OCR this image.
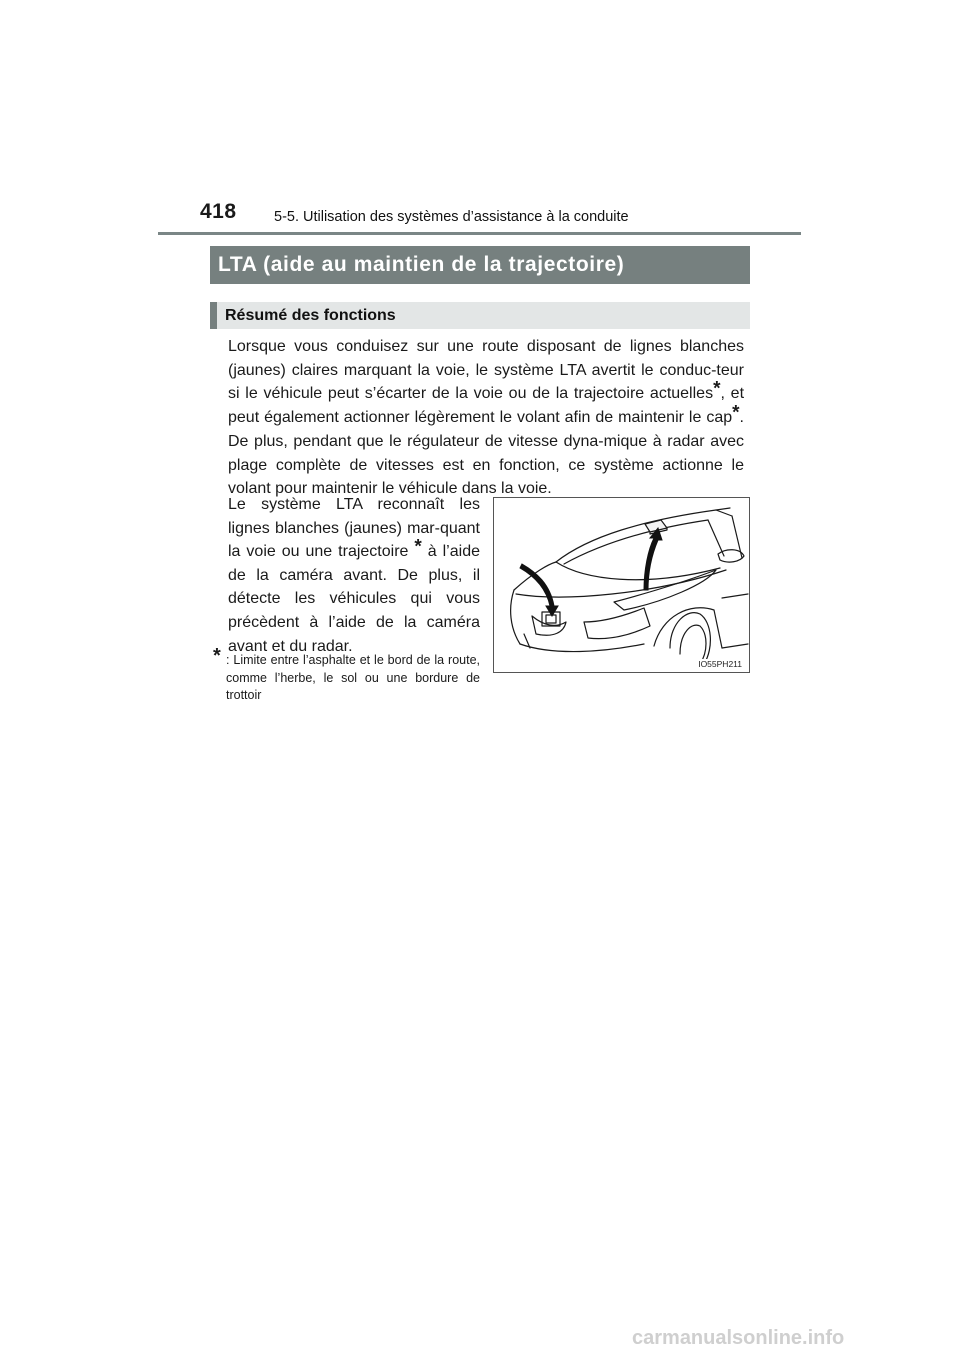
418	5-5. Utilisation des systèmes d’assistance à la conduite
LTA (aide au maintien de la trajectoire)
Résumé des fonctions

Lorsque vous conduisez sur une route disposant de lignes blanches (jaunes) claires marquant la voie, le système LTA avertit le conduc-teur si le véhicule peut s’écarter de la voie ou de la trajectoire actuelles*, et peut également actionner légèrement le volant afin de maintenir le cap*. De plus, pendant que le régulateur de vitesse dyna-mique à radar avec plage complète de vitesses est en fonction, ce système actionne le volant pour maintenir le véhicule dans la voie.

Le système LTA reconnaît les lignes blanches (jaunes) mar-quant la voie ou une trajectoire * à l’aide de la caméra avant. De plus, il détecte les véhicules qui vous précèdent à l’aide de la caméra avant et du radar.

* : Limite entre l’asphalte et le bord de la route, comme l’herbe, le sol ou une bordure de trottoir
IO55PH211
carmanualsonline.info
